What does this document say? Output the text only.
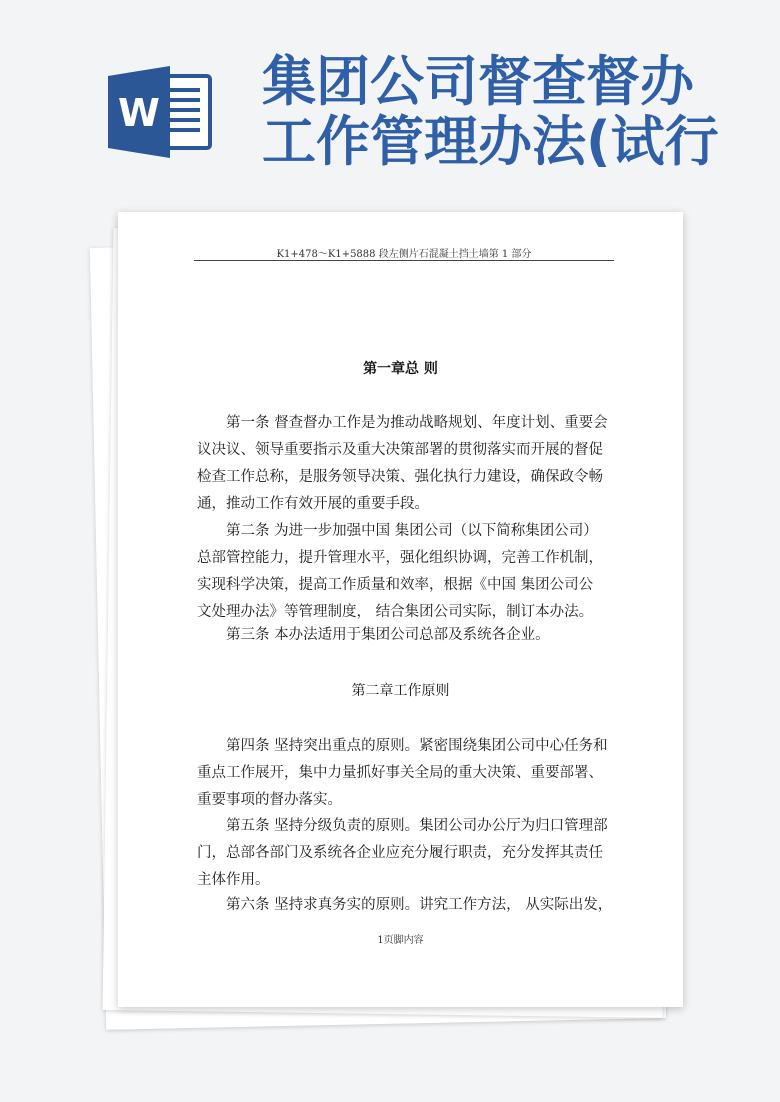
W 集团公司督查督办
工作管理办法(试行
K1+478～K1+5888 段左侧片石混凝土挡土墙第 1 部分
第一章总 则
第一条 督查督办工作是为推动战略规划、年度计划、重要会
议决议、领导重要指示及重大决策部署的贯彻落实而开展的督促
检查工作总称，是服务领导决策、强化执行力建设，确保政令畅
通，推动工作有效开展的重要手段。
第二条 为进一步加强中国 集团公司（以下简称集团公司）
总部管控能力，提升管理水平，强化组织协调，完善工作机制，
实现科学决策，提高工作质量和效率，根据《中国 集团公司公
文处理办法》等管理制度， 结合集团公司实际，制订本办法。
第三条 本办法适用于集团公司总部及系统各企业。
第二章工作原则
第四条 坚持突出重点的原则。紧密围绕集团公司中心任务和
重点工作展开，集中力量抓好事关全局的重大决策、重要部署、
重要事项的督办落实。
第五条 坚持分级负责的原则。集团公司办公厅为归口管理部
门，总部各部门及系统各企业应充分履行职责，充分发挥其责任
主体作用。
第六条 坚持求真务实的原则。讲究工作方法， 从实际出发，
1页脚内容
